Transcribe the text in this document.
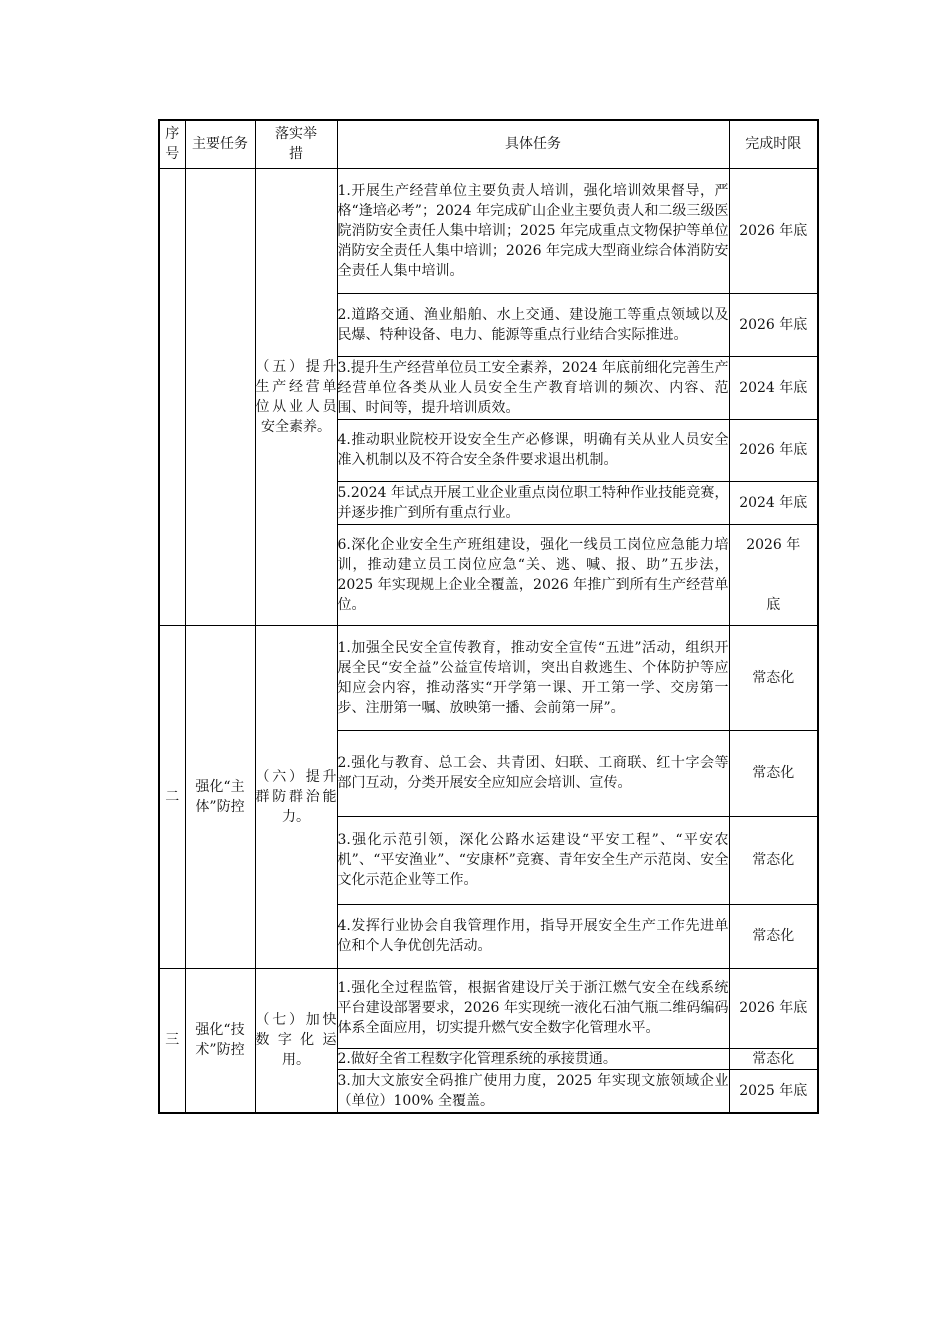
序号	主要任务	落实举措	具体任务	完成时限
		（五）提升生产经营单位从业人员安全素养。	1.开展生产经营单位主要负责人培训，强化培训效果督导，严格“逢培必考”；2024 年完成矿山企业主要负责人和二级三级医院消防安全责任人集中培训；2025 年完成重点文物保护等单位消防安全责任人集中培训；2026 年完成大型商业综合体消防安全责任人集中培训。	2026 年底
			2.道路交通、渔业船舶、水上交通、建设施工等重点领域以及民爆、特种设备、电力、能源等重点行业结合实际推进。	2026 年底
			3.提升生产经营单位员工安全素养，2024 年底前细化完善生产经营单位各类从业人员安全生产教育培训的频次、内容、范围、时间等，提升培训质效。	2024 年底
			4.推动职业院校开设安全生产必修课，明确有关从业人员安全准入机制以及不符合安全条件要求退出机制。	2026 年底
			5.2024 年试点开展工业企业重点岗位职工特种作业技能竞赛，并逐步推广到所有重点行业。	2024 年底
			6.深化企业安全生产班组建设，强化一线员工岗位应急能力培训，推动建立员工岗位应急“关、逃、喊、报、助”五步法，2025 年实现规上企业全覆盖，2026 年推广到所有生产经营单位。	2026 年
底

二	强化“主体”防控	（六）提升群防群治能力。	1.加强全民安全宣传教育，推动安全宣传“五进”活动，组织开展全民“安全益”公益宣传培训，突出自救逃生、个体防护等应知应会内容，推动落实“开学第一课、开工第一学、交房第一步、注册第一嘱、放映第一播、会前第一屏”。	常态化
			2.强化与教育、总工会、共青团、妇联、工商联、红十字会等部门互动，分类开展安全应知应会培训、宣传。	常态化
			3.强化示范引领，深化公路水运建设“平安工程”、“平安农机”、“平安渔业”、“安康杯”竞赛、青年安全生产示范岗、安全文化示范企业等工作。	常态化
			4.发挥行业协会自我管理作用，指导开展安全生产工作先进单位和个人争优创先活动。	常态化
三	强化“技术”防控	（七）加快数字化运用。	1.强化全过程监管，根据省建设厅关于浙江燃气安全在线系统平台建设部署要求，2026 年实现统一液化石油气瓶二维码编码体系全面应用，切实提升燃气安全数字化管理水平。	2026 年底
			2.做好全省工程数字化管理系统的承接贯通。	常态化
			3.加大文旅安全码推广使用力度，2025 年实现文旅领域企业（单位）100% 全覆盖。	2025 年底
